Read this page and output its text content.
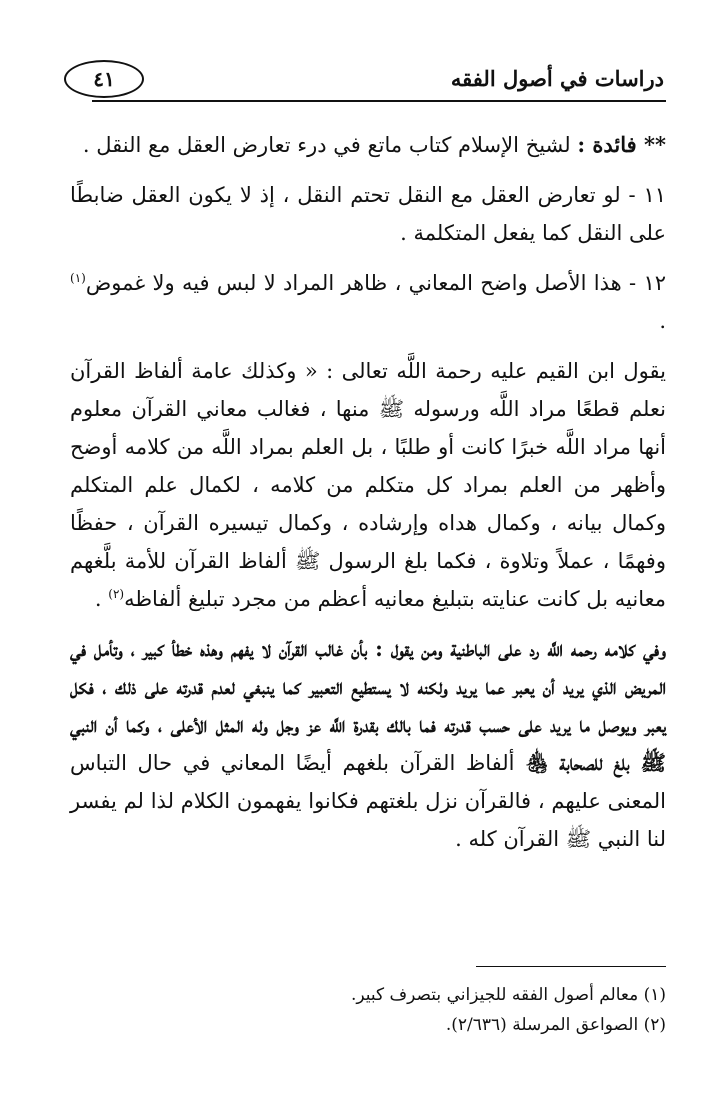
دراسات في أصول الفقه
٤١

** فائدة : لشيخ الإسلام كتاب ماتع في درء تعارض العقل مع النقل .

١١ - لو تعارض العقل مع النقل تحتم النقل ، إذ لا يكون العقل ضابطًا على النقل كما يفعل المتكلمة .

١٢ - هذا الأصل واضح المعاني ، ظاهر المراد لا لبس فيه ولا غموض$^{(١)}$ .

يقول ابن القيم عليه رحمة اللَّه تعالى : « وكذلك عامة ألفاظ القرآن نعلم قطعًا مراد اللَّه ورسوله ﷺ منها ، فغالب معاني القرآن معلوم أنها مراد اللَّه خبرًا كانت أو طلبًا ، بل العلم بمراد اللَّه من كلامه أوضح وأظهر من العلم بمراد كل متكلم من كلامه ، لكمال علم المتكلم وكمال بيانه ، وكمال هداه وإرشاده ، وكمال تيسيره القرآن ، حفظًا وفهمًا ، عملاً وتلاوة ، فكما بلغ الرسول ﷺ ألفاظ القرآن للأمة بلَّغهم معانيه بل كانت عنايته بتبليغ معانيه أعظم من مجرد تبليغ ألفاظه$^{(٢)}$ .

وفي كلامه رحمه اللَّه رد على الباطنية ومن يقول : بأن غالب القرآن لا يفهم وهذه خطأ كبير ، وتأمل في المريض الذي يريد أن يعبر عما يريد ولكنه لا يستطيع التعبير كما ينبغي لعدم قدرته على ذلك ، فكل يعبر ويوصل ما يريد على حسب قدرته فما بالك بقدرة اللَّه عز وجل وله المثل الأعلى ، وكما أن النبي ﷺ بلغ للصحابة ﵃ ألفاظ القرآن بلغهم أيضًا المعاني في حال التباس المعنى عليهم ، فالقرآن نزل بلغتهم فكانوا يفهمون الكلام لذا لم يفسر لنا النبي ﷺ القرآن كله .

(١) معالم أصول الفقه للجيزاني بتصرف كبير.
(٢) الصواعق المرسلة (٢/٦٣٦).
